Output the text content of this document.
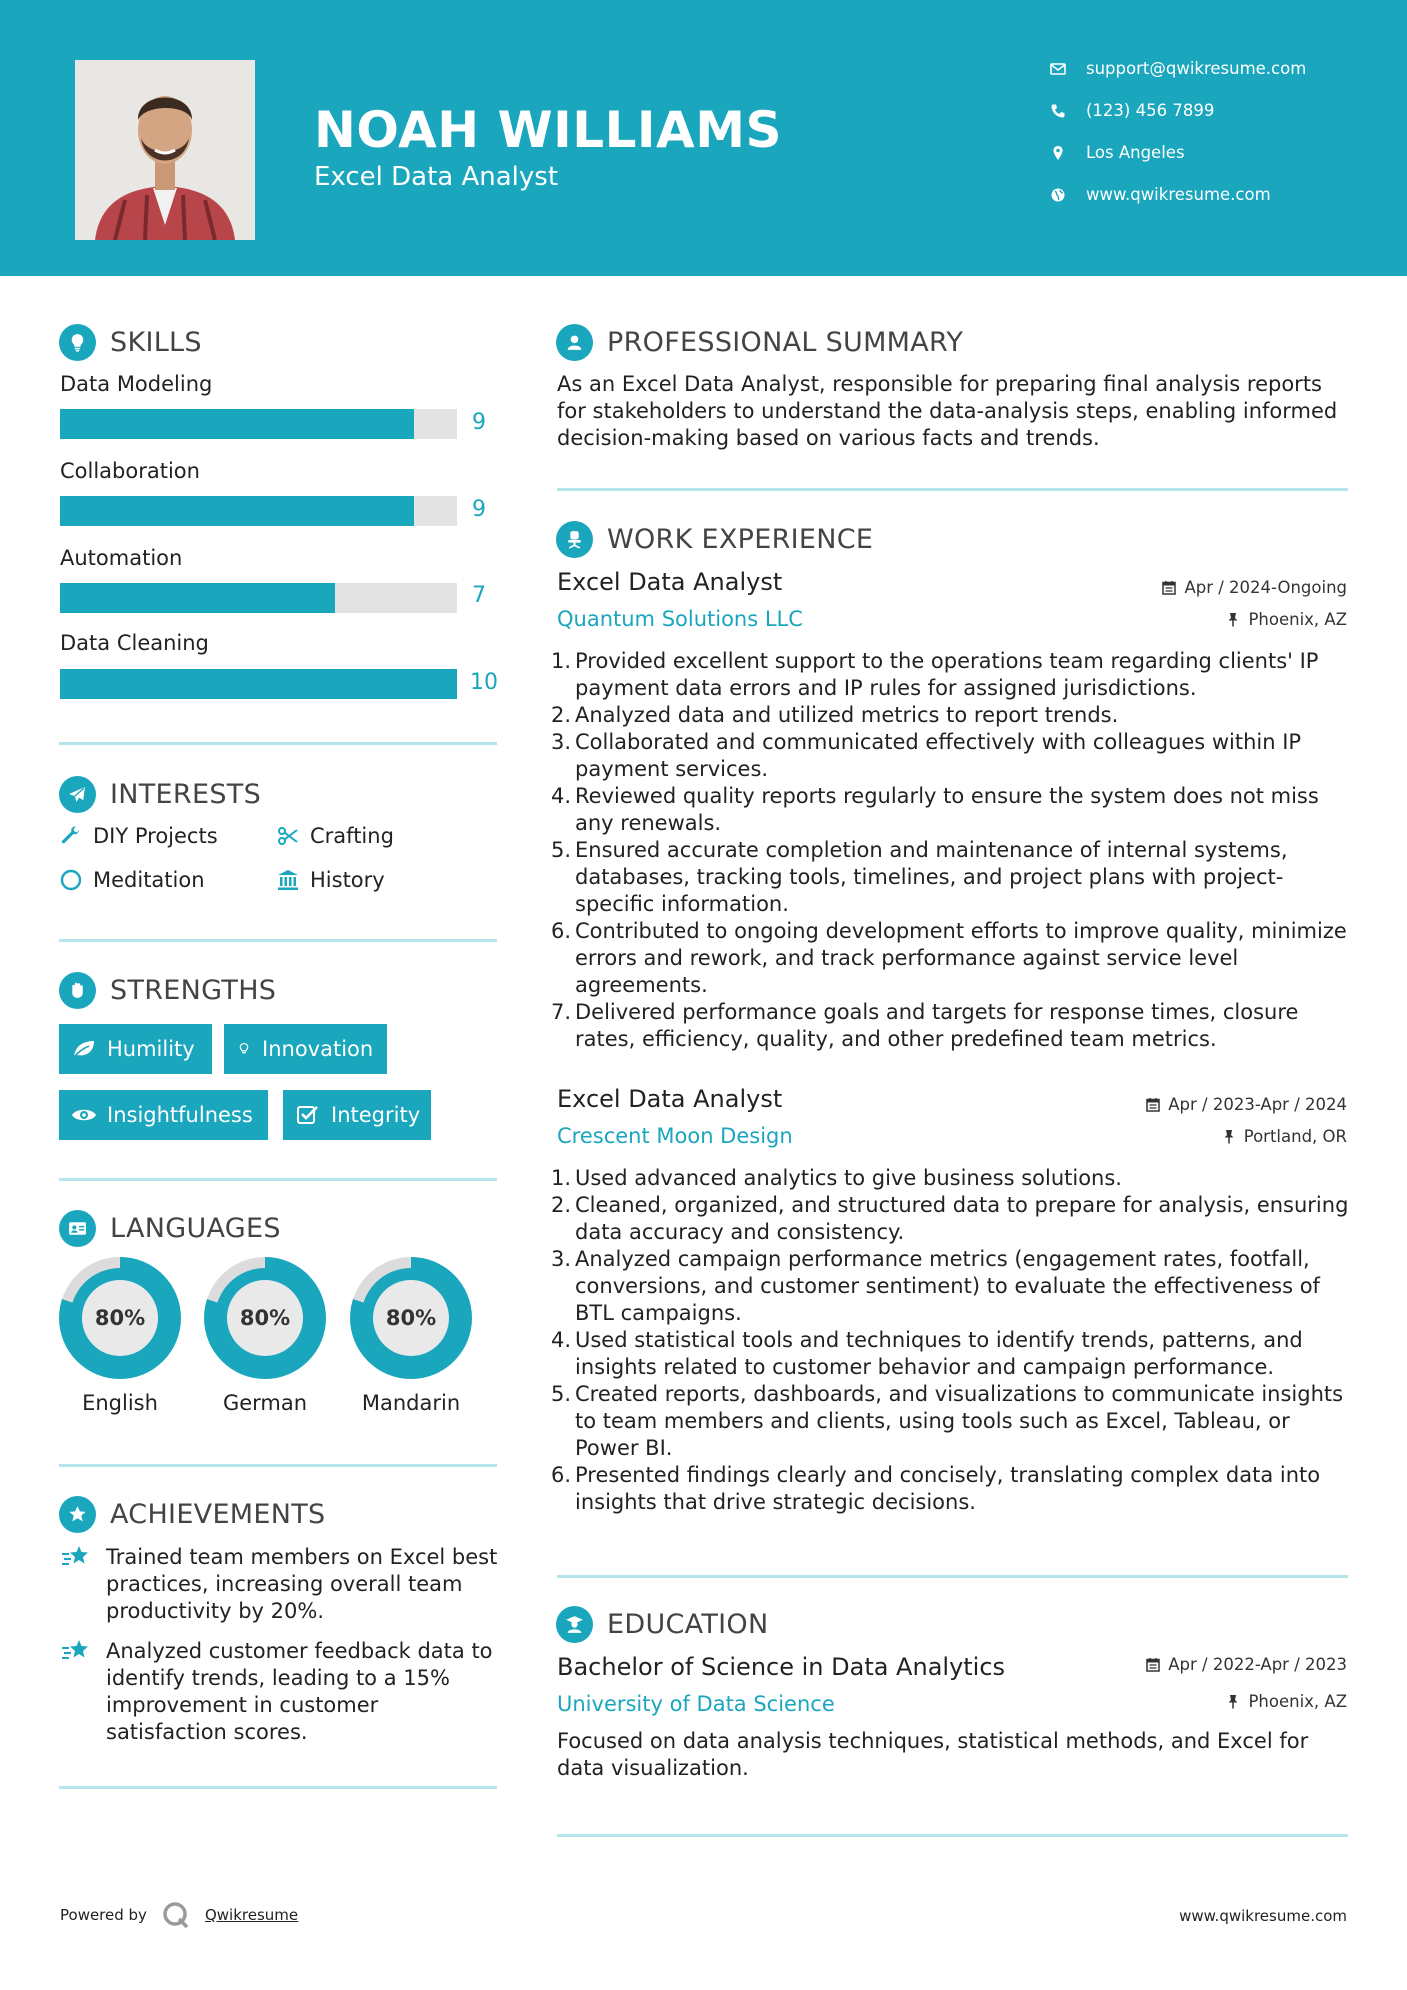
NOAH WILLIAMS
Excel Data Analyst
support@qwikresume.com
(123) 456 7899
Los Angeles
www.qwikresume.com
SKILLS
Data Modeling
9
Collaboration
9
Automation
7
Data Cleaning
10
INTERESTS
DIY Projects	Crafting
Meditation	History
STRENGTHS
Humility	Innovation
Insightfulness	Integrity
LANGUAGES
80%
English
80%
German
80%
Mandarin
ACHIEVEMENTS

Trained team members on Excel best practices, increasing overall team productivity by 20%.

Analyzed customer feedback data to identify trends, leading to a 15% improvement in customer satisfaction scores.

PROFESSIONAL SUMMARY
As an Excel Data Analyst, responsible for preparing final analysis reports for stakeholders to understand the data-analysis steps, enabling informed decision-making based on various facts and trends.
WORK EXPERIENCE
Excel Data Analyst	Apr / 2024-Ongoing
Quantum Solutions LLC	Phoenix, AZ
1. Provided excellent support to the operations team regarding clients' IP payment data errors and IP rules for assigned jurisdictions.
2. Analyzed data and utilized metrics to report trends.
3. Collaborated and communicated effectively with colleagues within IP payment services.
4. Reviewed quality reports regularly to ensure the system does not miss any renewals.
5. Ensured accurate completion and maintenance of internal systems, databases, tracking tools, timelines, and project plans with project-specific information.
6. Contributed to ongoing development efforts to improve quality, minimize errors and rework, and track performance against service level agreements.
7. Delivered performance goals and targets for response times, closure rates, efficiency, quality, and other predefined team metrics.
Excel Data Analyst	Apr / 2023-Apr / 2024
Crescent Moon Design	Portland, OR
1. Used advanced analytics to give business solutions.
2. Cleaned, organized, and structured data to prepare for analysis, ensuring data accuracy and consistency.
3. Analyzed campaign performance metrics (engagement rates, footfall, conversions, and customer sentiment) to evaluate the effectiveness of BTL campaigns.
4. Used statistical tools and techniques to identify trends, patterns, and insights related to customer behavior and campaign performance.
5. Created reports, dashboards, and visualizations to communicate insights to team members and clients, using tools such as Excel, Tableau, or Power BI.
6. Presented findings clearly and concisely, translating complex data into insights that drive strategic decisions.
EDUCATION
Bachelor of Science in Data Analytics	Apr / 2022-Apr / 2023
University of Data Science	Phoenix, AZ
Focused on data analysis techniques, statistical methods, and Excel for data visualization.
Powered by	Qwikresume	www.qwikresume.com
